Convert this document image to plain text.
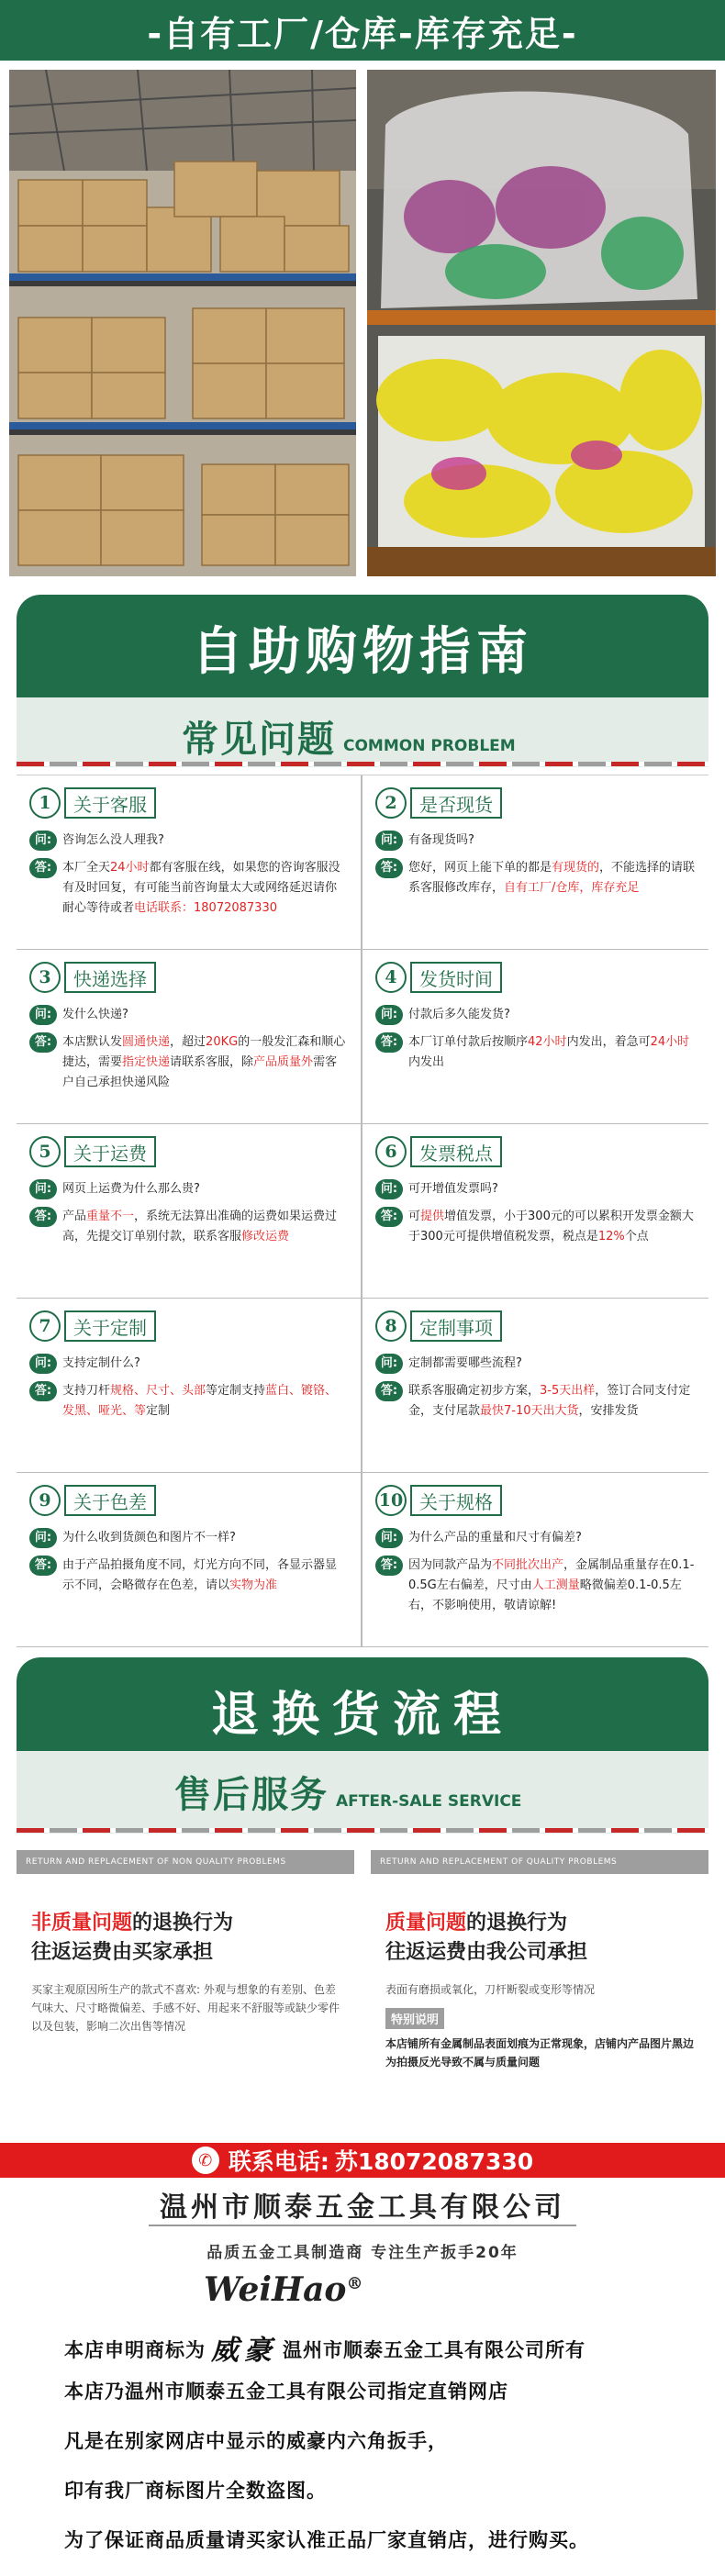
-自有工厂/仓库-库存充足-
自助购物指南
常见问题 COMMON PROBLEM
1	关于客服
问: 咨询怎么没人理我?
答: 本厂全天24小时都有客服在线，如果您的咨询客服没有及时回复，有可能当前咨询量太大或网络延迟请你耐心等待或者电话联系：18072087330
2	是否现货
问: 有备现货吗?
答: 您好，网页上能下单的都是有现货的，不能选择的请联系客服修改库存，自有工厂/仓库，库存充足
3	快递选择
问: 发什么快递?
答: 本店默认发圆通快递，超过20KG的一般发汇森和顺心捷达，需要指定快递请联系客服，除产品质量外需客户自己承担快递风险
4	发货时间
问: 付款后多久能发货?
答: 本厂订单付款后按顺序42小时内发出，着急可24小时内发出
5	关于运费
问: 网页上运费为什么那么贵?
答: 产品重量不一，系统无法算出准确的运费如果运费过高，先提交订单别付款，联系客服修改运费
6	发票税点
问: 可开增值发票吗?
答: 可提供增值发票，小于300元的可以累积开发票金额大于300元可提供增值税发票，税点是12%个点
7	关于定制
问: 支持定制什么?
答: 支持刀杆规格、尺寸、头部等定制支持蓝白、镀铬、发黑、哑光、等定制
8	定制事项
问: 定制都需要哪些流程?
答: 联系客服确定初步方案，3-5天出样，签订合同支付定金，支付尾款最快7-10天出大货，安排发货
9	关于色差
问: 为什么收到货颜色和图片不一样?
答: 由于产品拍摄角度不同，灯光方向不同，各显示器显示不同，会略微存在色差，请以实物为准
10 关于规格
问: 为什么产品的重量和尺寸有偏差?
答: 因为同款产品为不同批次出产，金属制品重量存在0.1-0.5G左右偏差，尺寸由人工测量略微偏差0.1-0.5左右，不影响使用，敬请谅解!
退换货流程
售后服务 AFTER-SALE SERVICE
RETURN AND REPLACEMENT OF NON QUALITY PROBLEMS
非质量问题的退换行为
往返运费由买家承担
买家主观原因所生产的款式不喜欢: 外观与想象的有差别、色差气味大、尺寸略微偏差、手感不好、用起来不舒服等或缺少零件以及包装，影响二次出售等情况
RETURN AND REPLACEMENT OF QUALITY PROBLEMS
质量问题的退换行为
往返运费由我公司承担
表面有磨损或氧化，刀杆断裂或变形等情况
特别说明
本店铺所有金属制品表面划痕为正常现象，店铺内产品图片黑边为拍摄反光导致不属与质量问题
✆ 联系电话: 苏18072087330
温州市顺泰五金工具有限公司
品质五金工具制造商 专注生产扳手20年
WeiHao®
本店申明商标为 威豪 温州市顺泰五金工具有限公司所有
本店乃温州市顺泰五金工具有限公司指定直销网店
凡是在别家网店中显示的威豪内六角扳手，
印有我厂商标图片全数盗图。
为了保证商品质量请买家认准正品厂家直销店，进行购买。
